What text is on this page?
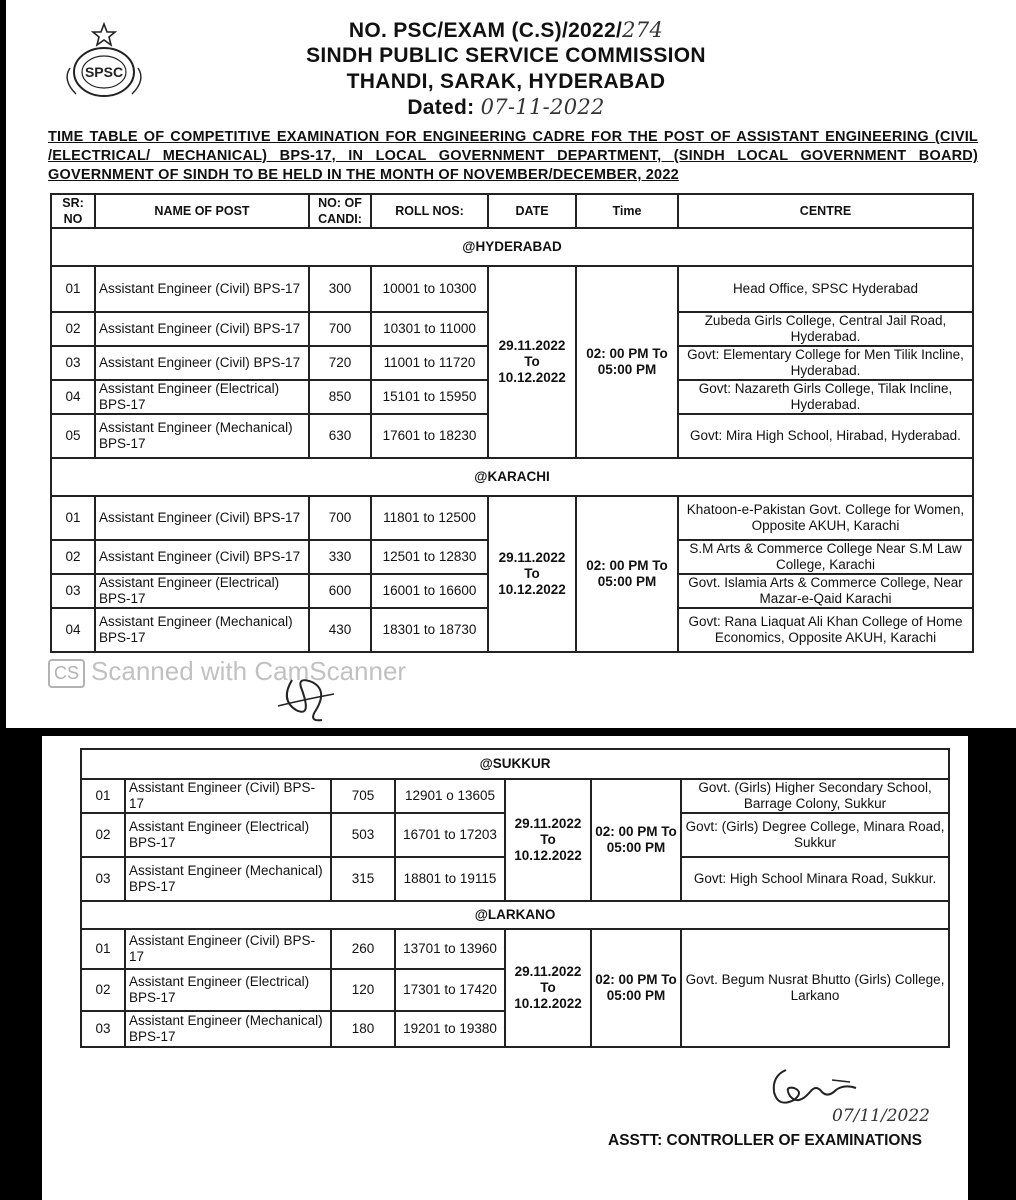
-
SPSC
NO. PSC/EXAM (C.S)/2022/274
SINDH PUBLIC SERVICE COMMISSION
THANDI, SARAK, HYDERABAD
Dated: 07-11-2022
TIME TABLE OF COMPETITIVE EXAMINATION FOR ENGINEERING CADRE FOR THE POST OF ASSISTANT ENGINEERING (CIVIL /ELECTRICAL/ MECHANICAL) BPS-17, IN LOCAL GOVERNMENT DEPARTMENT, (SINDH LOCAL GOVERNMENT BOARD) GOVERNMENT OF SINDH TO BE HELD IN THE MONTH OF NOVEMBER/DECEMBER, 2022
SR: NO	NAME OF POST	NO: OF CANDI:	ROLL NOS:	DATE	Time	CENTRE
@HYDERABAD						
01	Assistant Engineer (Civil) BPS-17	300	10001 to 10300	29.11.2022 To 10.12.2022	02: 00 PM To 05:00 PM	Head Office, SPSC Hyderabad
02	Assistant Engineer (Civil) BPS-17	700	10301 to 11000			Zubeda Girls College, Central Jail Road, Hyderabad.
03	Assistant Engineer (Civil) BPS-17	720	11001 to 11720			Govt: Elementary College for Men Tilik Incline, Hyderabad.
04	Assistant Engineer (Electrical) BPS-17	850	15101 to 15950			Govt: Nazareth Girls College, Tilak Incline, Hyderabad.
05	Assistant Engineer (Mechanical) BPS-17	630	17601 to 18230			Govt: Mira High School, Hirabad, Hyderabad.
@KARACHI						
01	Assistant Engineer (Civil) BPS-17	700	11801 to 12500	29.11.2022 To 10.12.2022	02: 00 PM To 05:00 PM	Khatoon-e-Pakistan Govt. College for Women, Opposite AKUH, Karachi
02	Assistant Engineer (Civil) BPS-17	330	12501 to 12830			S.M Arts & Commerce College Near S.M Law College, Karachi
03	Assistant Engineer (Electrical) BPS-17	600	16001 to 16600			Govt. Islamia Arts & Commerce College, Near Mazar-e-Qaid Karachi
04	Assistant Engineer (Mechanical) BPS-17	430	18301 to 18730			Govt: Rana Liaquat Ali Khan College of Home Economics, Opposite AKUH, Karachi
CS Scanned with CamScanner
@SUKKUR						
01	Assistant Engineer (Civil) BPS-17	705	12901 o 13605	29.11.2022 To 10.12.2022	02: 00 PM To 05:00 PM	Govt. (Girls) Higher Secondary School, Barrage Colony, Sukkur
02	Assistant Engineer (Electrical) BPS-17	503	16701 to 17203			Govt: (Girls) Degree College, Minara Road, Sukkur
03	Assistant Engineer (Mechanical) BPS-17	315	18801 to 19115			Govt: High School Minara Road, Sukkur.
@LARKANO						
01	Assistant Engineer (Civil) BPS-17	260	13701 to 13960	29.11.2022 To 10.12.2022	02: 00 PM To 05:00 PM	Govt. Begum Nusrat Bhutto (Girls) College, Larkano
02	Assistant Engineer (Electrical) BPS-17	120	17301 to 17420			
03	Assistant Engineer (Mechanical) BPS-17	180	19201 to 19380			
07/11/2022
ASSTT: CONTROLLER OF EXAMINATIONS
